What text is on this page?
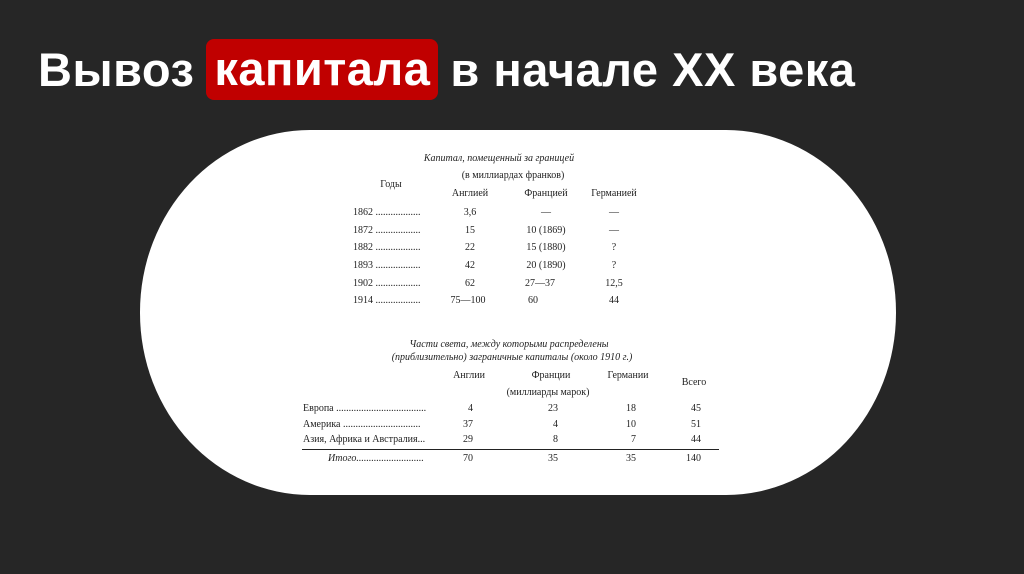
Вывоз капитала в начале XX века
Капитал, помещенный за границей
(в миллиардах франков)
Годы
Англией	Францией Германией
1862 ..................	3,6	—	—
1872 ..................	15	10 (1869)	—
1882 ..................	22	15 (1880)	?
1893 ..................	42	20 (1890)	?
1902 ..................	62	27—37	12,5
1914 ..................	75—100	60	44
Части света, между которыми распределены
(приблизительно) заграничные капиталы (около 1910 г.)
Англии	Франции	Германии
Всего
(миллиарды марок)
Европа ....................................	4	23	18	45
Америка ...............................	37	4	10	51
Азия, Африка и Австралия...	29	8	7	44
Итого...........................	70	35	35	140
